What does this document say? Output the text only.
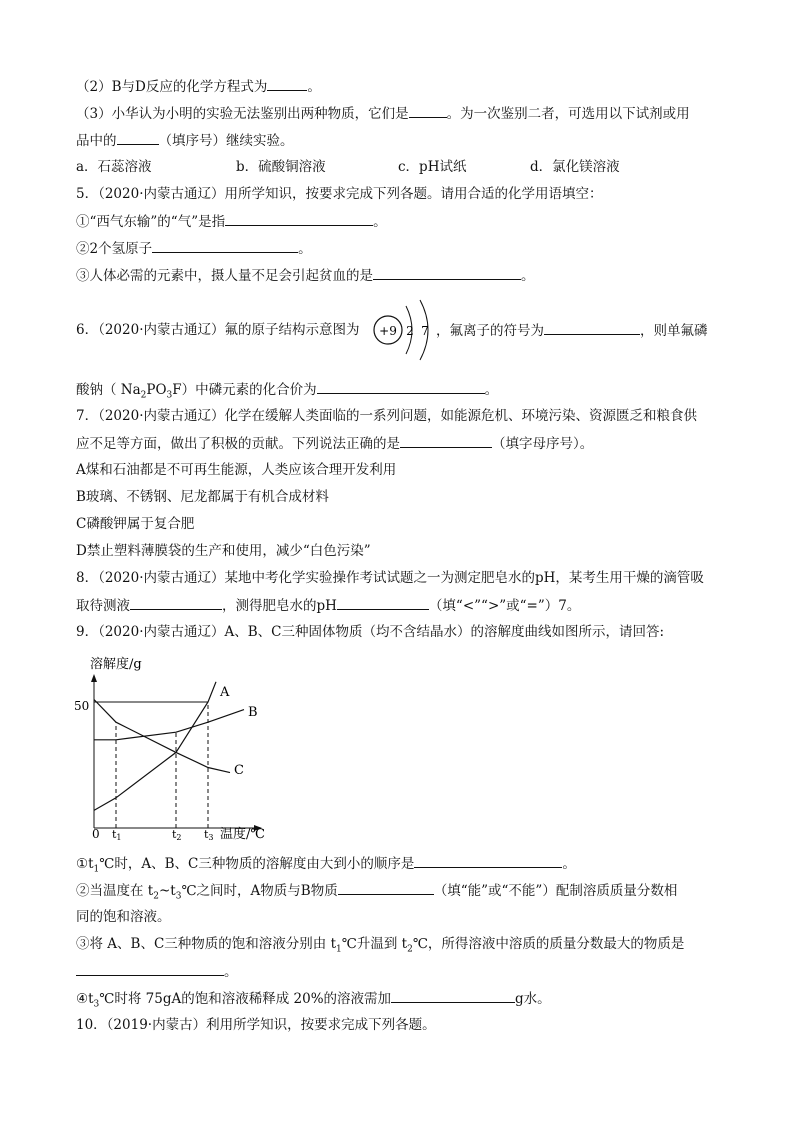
（2）B与D反应的化学方程式为	。
（3）小华认为小明的实验无法鉴别出两种物质，它们是	。为一次鉴别二者，可选用以下试剂或用
品中的	（填序号）继续实验。
a．石蕊溶液	b．硫酸铜溶液	c．pH试纸	d．氯化镁溶液
5．（2020·内蒙古通辽）用所学知识，按要求完成下列各题。请用合适的化学用语填空：
①“西气东输”的“气”是指	。
②2个氢原子	。
③人体必需的元素中，摄人量不足会引起贫血的是	。
6．（2020·内蒙古通辽）氟的原子结构示意图为 +9 2 7 ，氟离子的符号为	，则单氟磷
酸钠（ $Na_2PO_3F$）中磷元素的化合价为	。
7．（2020·内蒙古通辽）化学在缓解人类面临的一系列问题，如能源危机、环境污染、资源匮乏和粮食供
应不足等方面，做出了积极的贡献。下列说法正确的是	（填字母序号）。
A煤和石油都是不可再生能源，人类应该合理开发利用
B玻璃、不锈钢、尼龙都属于有机合成材料
C磷酸钾属于复合肥
D禁止塑料薄膜袋的生产和使用，减少“白色污染”
8．（2020·内蒙古通辽）某地中考化学实验操作考试试题之一为测定肥皂水的pH，某考生用干燥的滴管吸
取待测液	，测得肥皂水的pH	（填“<”“>”或“=”）7。
9．（2020·内蒙古通辽）A、B、C三种固体物质（均不含结晶水）的溶解度曲线如图所示，请回答:
溶解度/g
0
50
温度/℃
t1	t2 t3
A
B
C
$①t_1℃$时，A、B、C三种物质的溶解度由大到小的顺序是	。
②当温度在 $t_2\sim t_3℃$之间时，A物质与B物质	（填“能”或“不能”）配制溶质质量分数相
同的饱和溶液。
③将 A、B、C三种物质的饱和溶液分别由 $t_1℃$升温到 $t_2℃$，所得溶液中溶质的质量分数最大的物质是
。
$④t_3℃$时将 75gA的饱和溶液稀释成 20%的溶液需加	g水。
10．（2019·内蒙古）利用所学知识，按要求完成下列各题。
